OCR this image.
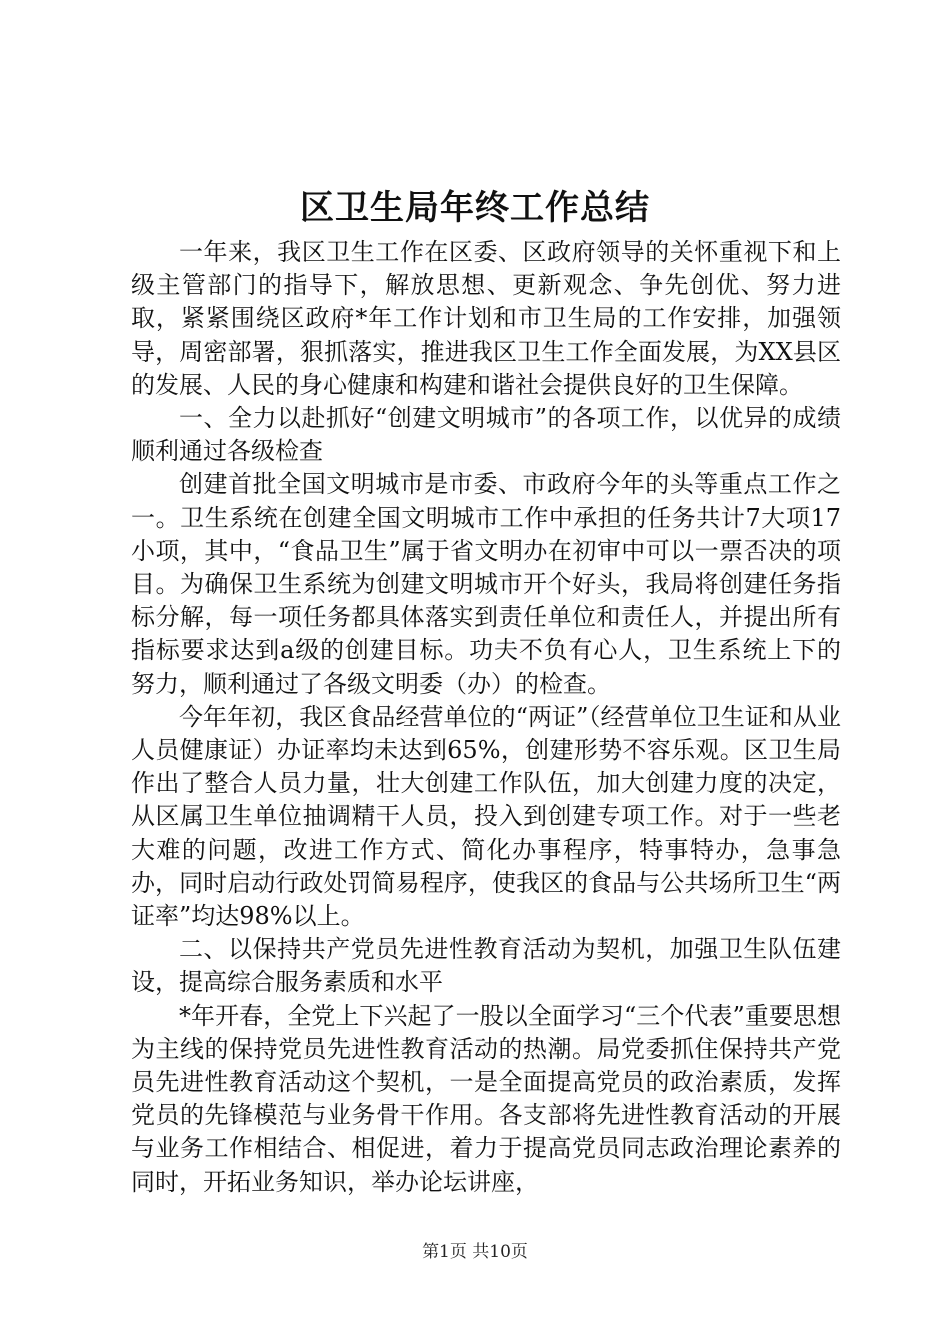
区卫生局年终工作总结

一年来，我区卫生工作在区委、区政府领导的关怀重视下和上级主管部门的指导下，解放思想、更新观念、争先创优、努力进取，紧紧围绕区政府*年工作计划和市卫生局的工作安排，加强领导，周密部署，狠抓落实，推进我区卫生工作全面发展，为XX县区的发展、人民的身心健康和构建和谐社会提供良好的卫生保障。

一、全力以赴抓好“创建文明城市”的各项工作，以优异的成绩顺利通过各级检查

创建首批全国文明城市是市委、市政府今年的头等重点工作之一。卫生系统在创建全国文明城市工作中承担的任务共计7大项17小项，其中，“食品卫生”属于省文明办在初审中可以一票否决的项目。为确保卫生系统为创建文明城市开个好头，我局将创建任务指标分解，每一项任务都具体落实到责任单位和责任人，并提出所有指标要求达到a级的创建目标。功夫不负有心人，卫生系统上下的努力，顺利通过了各级文明委（办）的检查。

今年年初，我区食品经营单位的“两证”（经营单位卫生证和从业人员健康证）办证率均未达到65%，创建形势不容乐观。区卫生局作出了整合人员力量，壮大创建工作队伍，加大创建力度的决定，从区属卫生单位抽调精干人员，投入到创建专项工作。对于一些老大难的问题，改进工作方式、简化办事程序，特事特办，急事急办，同时启动行政处罚简易程序，使我区的食品与公共场所卫生“两证率”均达98%以上。

二、以保持共产党员先进性教育活动为契机，加强卫生队伍建设，提高综合服务素质和水平

*年开春，全党上下兴起了一股以全面学习“三个代表”重要思想为主线的保持党员先进性教育活动的热潮。局党委抓住保持共产党员先进性教育活动这个契机，一是全面提高党员的政治素质，发挥党员的先锋模范与业务骨干作用。各支部将先进性教育活动的开展与业务工作相结合、相促进，着力于提高党员同志政治理论素养的同时，开拓业务知识，举办论坛讲座，

第1页 共10页
